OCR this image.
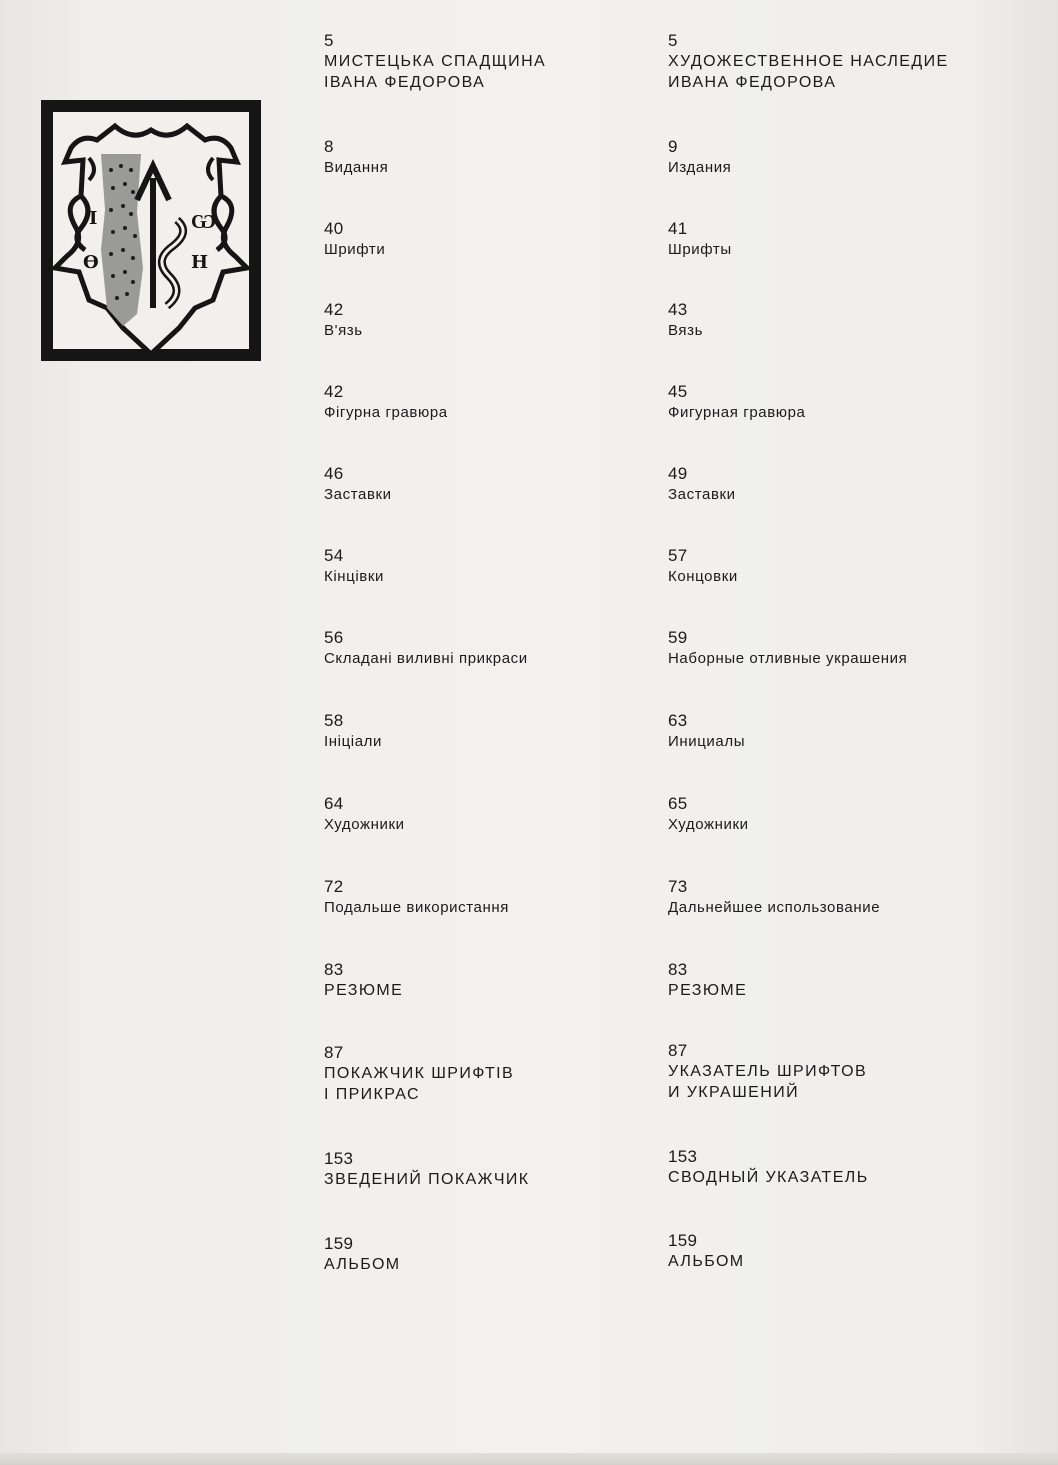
І
Ѳ
Ѡ
Н
5
МИСТЕЦЬКА СПАДЩИНА
ІВАНА ФЕДОРОВА
8
Видання
40
Шрифти
42
В'язь
42
Фігурна гравюра
46
Заставки
54
Кінцівки
56
Складані виливні прикраси
58
Ініціали
64
Художники
72
Подальше використання
83
РЕЗЮМЕ
87
ПОКАЖЧИК ШРИФТІВ
І ПРИКРАС
153
ЗВЕДЕНИЙ ПОКАЖЧИК
159
АЛЬБОМ
5
ХУДОЖЕСТВЕННОЕ НАСЛЕДИЕ
ИВАНА ФЕДОРОВА
9
Издания
41
Шрифты
43
Вязь
45
Фигурная гравюра
49
Заставки
57
Концовки
59
Наборные отливные украшения
63
Инициалы
65
Художники
73
Дальнейшее использование
83
РЕЗЮМЕ
87
УКАЗАТЕЛЬ ШРИФТОВ
И УКРАШЕНИЙ
153
СВОДНЫЙ УКАЗАТЕЛЬ
159
АЛЬБОМ
